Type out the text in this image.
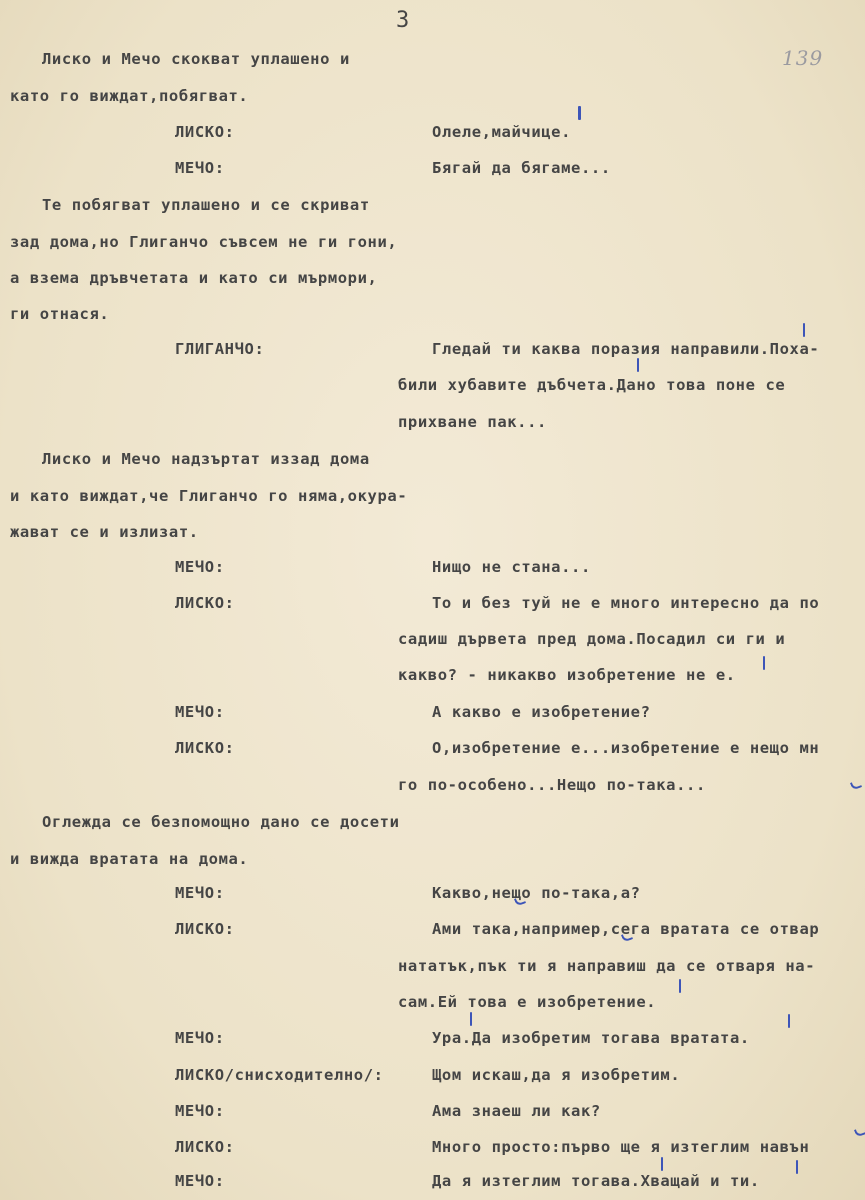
3
139
Лиско и Мечо скокват уплашено и
като го виждат,побягват.
ЛИСКО:	Олеле,майчице.
МЕЧО:	Бягай да бягаме...
Те побягват уплашено и се скриват
зад дома,но Глиганчо съвсем не ги гони,
а взема дръвчетата и като си мърмори,
ги отнася.
ГЛИГАНЧО:	Гледай ти каква поразия направили.Поха-
били хубавите дъбчета.Дано това поне се
прихване пак...
Лиско и Мечо надзъртат иззад дома
и като виждат,че Глиганчо го няма,окура-
жават се и излизат.
МЕЧО:	Нищо не стана...
ЛИСКО:	То и без туй не е много интересно да по
садиш дървета пред дома.Посадил си ги и
какво? - никакво изобретение не е.
МЕЧО:	А какво е изобретение?
ЛИСКО:	О,изобретение е...изобретение е нещо мн
го по-особено...Нещо по-така...
Оглежда се безпомощно дано се досети
и вижда вратата на дома.
МЕЧО:	Какво,нещо по-така,а?
ЛИСКО:	Ами така,например,сега вратата се отвар
нататък,пък ти я направиш да се отваря на-
сам.Ей това е изобретение.
МЕЧО:	Ура.Да изобретим тогава вратата.
ЛИСКО/снисходително/:	Щом искаш,да я изобретим.
МЕЧО:	Ама знаеш ли как?
ЛИСКО:	Много просто:първо ще я изтеглим навън
МЕЧО:	Да я изтеглим тогава.Хващай и ти.
